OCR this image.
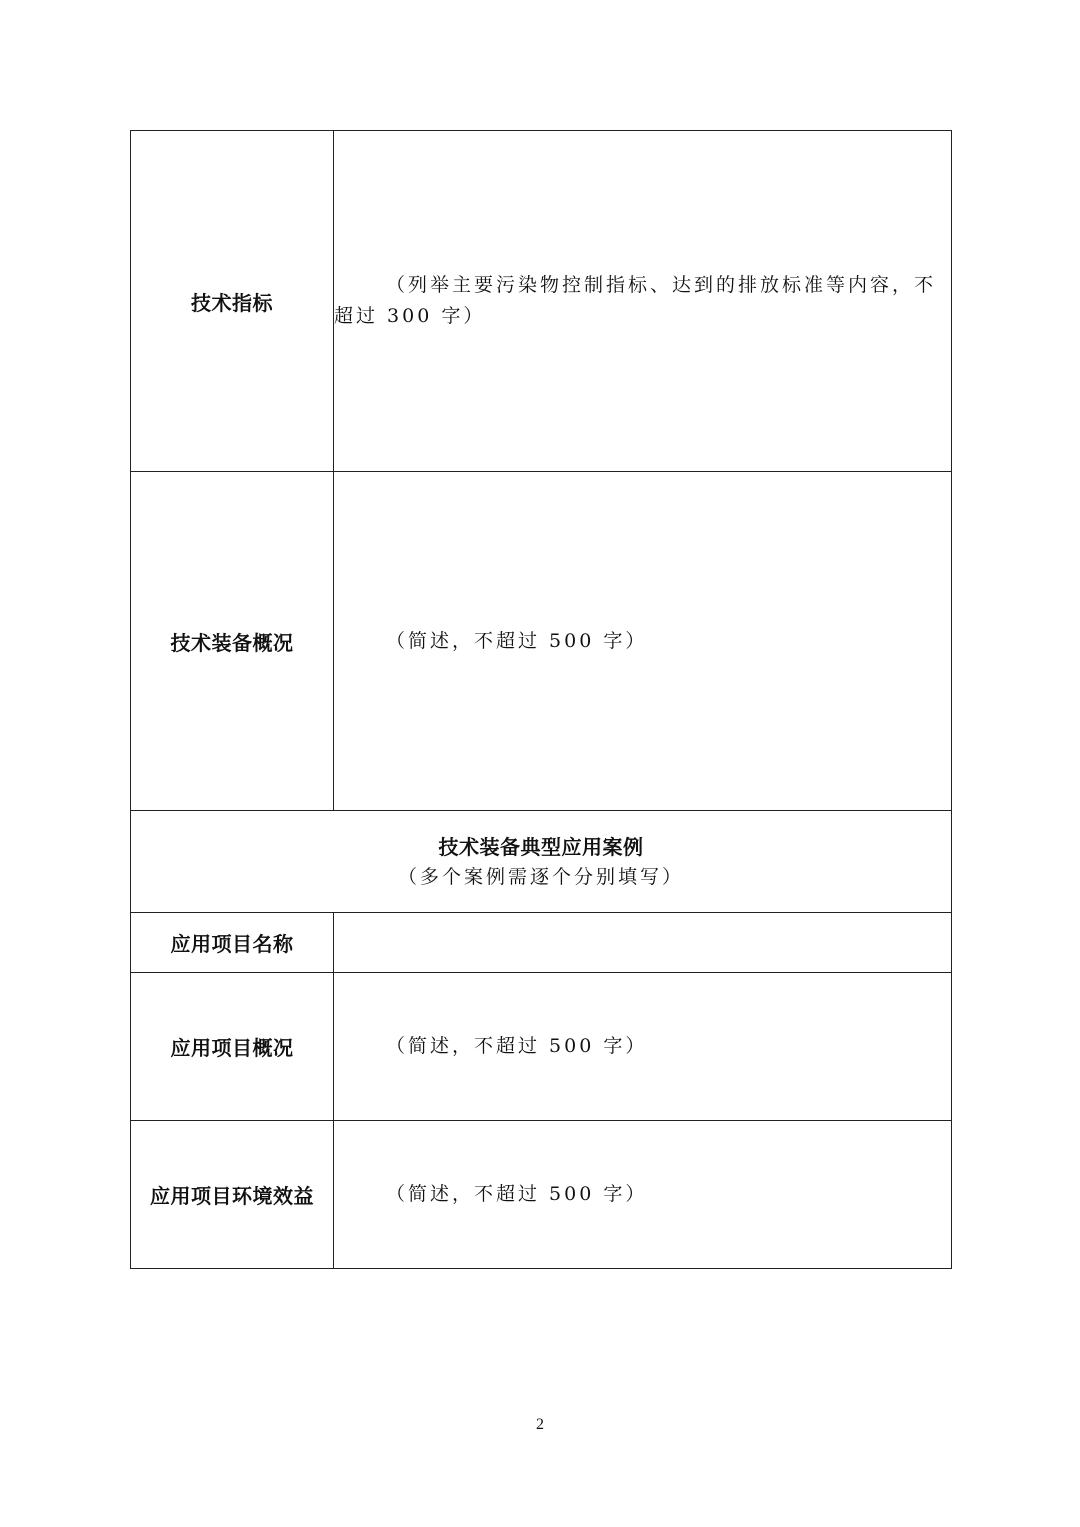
技术指标	（列举主要污染物控制指标、达到的排放标准等内容，不超过 300 字）
技术装备概况	（简述，不超过 500 字）

技术装备典型应用案例
（多个案例需逐个分别填写）	

应用项目名称	
应用项目概况	（简述，不超过 500 字）
应用项目环境效益	（简述，不超过 500 字）
2
